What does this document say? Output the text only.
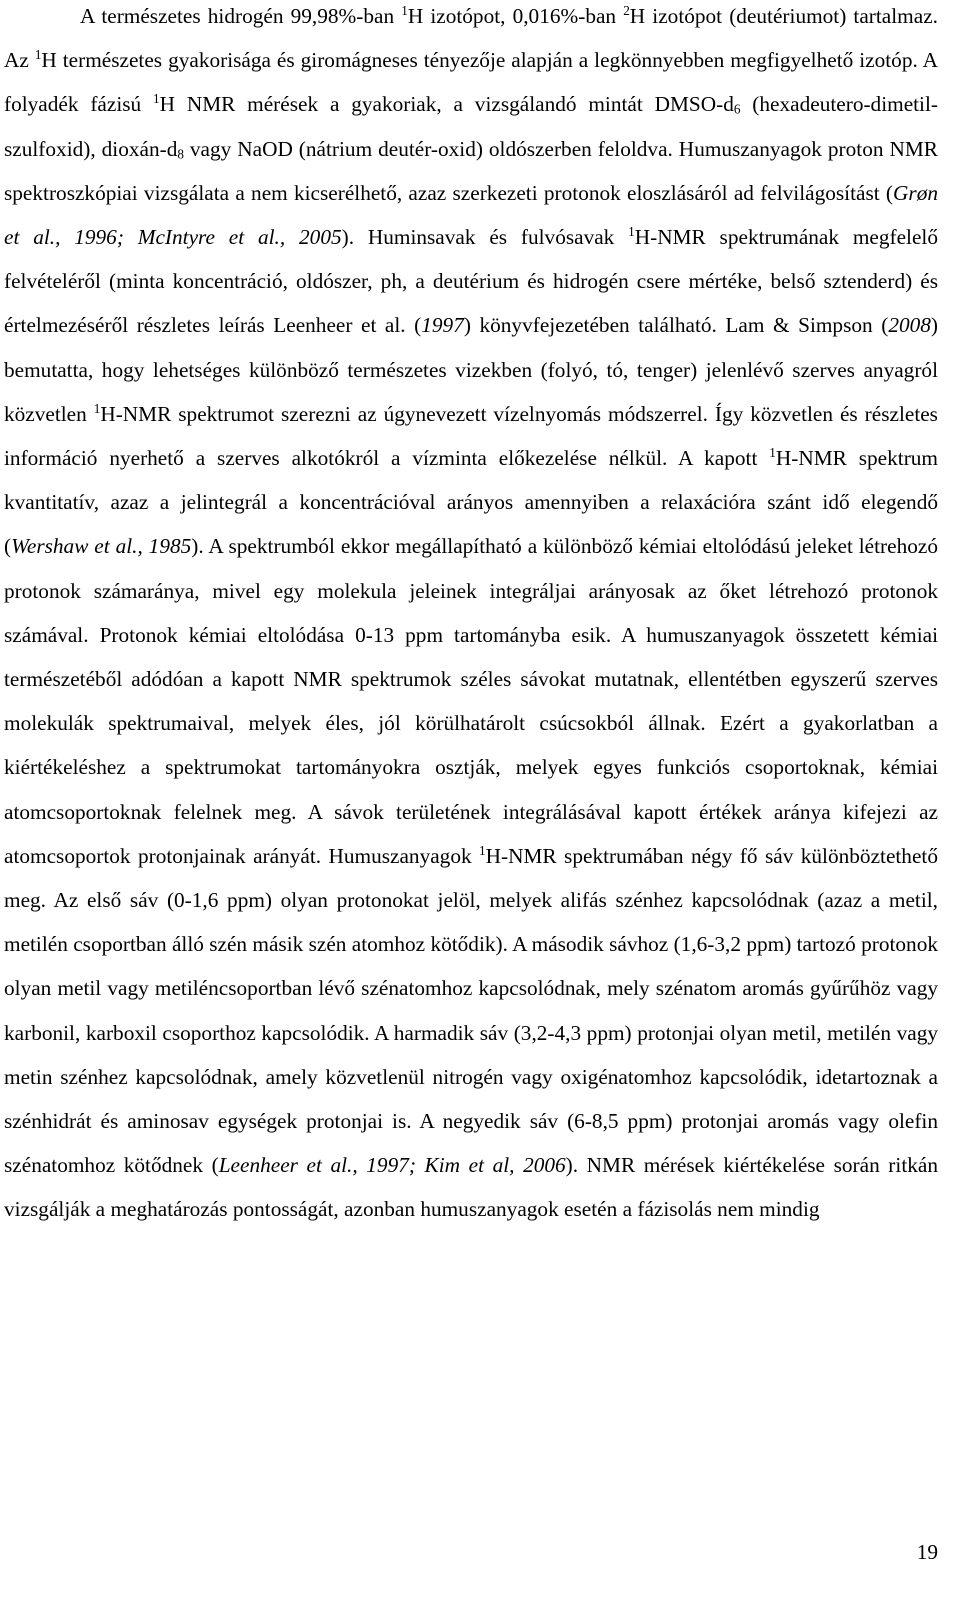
A természetes hidrogén 99,98%-ban $^1$H izotópot, 0,016%-ban $^2$H izotópot (deutériumot) tartalmaz. Az $^1$H természetes gyakorisága és giromágneses tényezője alapján a legkönnyebben megfigyelhető izotóp. A folyadék fázisú $^1$H NMR mérések a gyakoriak, a vizsgálandó mintát DMSO-$d_6$ (hexadeutero-dimetil-szulfoxid), dioxán-$d_8$ vagy NaOD (nátrium deutér-oxid) oldószerben feloldva. Humuszanyagok proton NMR spektroszkópiai vizsgálata a nem kicserélhető, azaz szerkezeti protonok eloszlásáról ad felvilágosítást (Grøn et al., 1996; McIntyre et al., 2005). Huminsavak és fulvósavak $^1$H-NMR spektrumának megfelelő felvételéről (minta koncentráció, oldószer, ph, a deutérium és hidrogén csere mértéke, belső sztenderd) és értelmezéséről részletes leírás Leenheer et al. (1997) könyvfejezetében található. Lam & Simpson (2008) bemutatta, hogy lehetséges különböző természetes vizekben (folyó, tó, tenger) jelenlévő szerves anyagról közvetlen $^1$H-NMR spektrumot szerezni az úgynevezett vízelnyomás módszerrel. Így közvetlen és részletes információ nyerhető a szerves alkotókról a vízminta előkezelése nélkül. A kapott $^1$H-NMR spektrum kvantitatív, azaz a jelintegrál a koncentrációval arányos amennyiben a relaxációra szánt idő elegendő (Wershaw et al., 1985). A spektrumból ekkor megállapítható a különböző kémiai eltolódású jeleket létrehozó protonok számaránya, mivel egy molekula jeleinek integráljai arányosak az őket létrehozó protonok számával. Protonok kémiai eltolódása 0-13 ppm tartományba esik. A humuszanyagok összetett kémiai természetéből adódóan a kapott NMR spektrumok széles sávokat mutatnak, ellentétben egyszerű szerves molekulák spektrumaival, melyek éles, jól körülhatárolt csúcsokból állnak. Ezért a gyakorlatban a kiértékeléshez a spektrumokat tartományokra osztják, melyek egyes funkciós csoportoknak, kémiai atomcsoportoknak felelnek meg. A sávok területének integrálásával kapott értékek aránya kifejezi az atomcsoportok protonjainak arányát. Humuszanyagok $^1$H-NMR spektrumában négy fő sáv különböztethető meg. Az első sáv (0-1,6 ppm) olyan protonokat jelöl, melyek alifás szénhez kapcsolódnak (azaz a metil, metilén csoportban álló szén másik szén atomhoz kötődik). A második sávhoz (1,6-3,2 ppm) tartozó protonok olyan metil vagy metiléncsoportban lévő szénatomhoz kapcsolódnak, mely szénatom aromás gyűrűhöz vagy karbonil, karboxil csoporthoz kapcsolódik. A harmadik sáv (3,2-4,3 ppm) protonjai olyan metil, metilén vagy metin szénhez kapcsolódnak, amely közvetlenül nitrogén vagy oxigénatomhoz kapcsolódik, idetartoznak a szénhidrát és aminosav egységek protonjai is. A negyedik sáv (6-8,5 ppm) protonjai aromás vagy olefin szénatomhoz kötődnek (Leenheer et al., 1997; Kim et al, 2006). NMR mérések kiértékelése során ritkán vizsgálják a meghatározás pontosságát, azonban humuszanyagok esetén a fázisolás nem mindig

19
